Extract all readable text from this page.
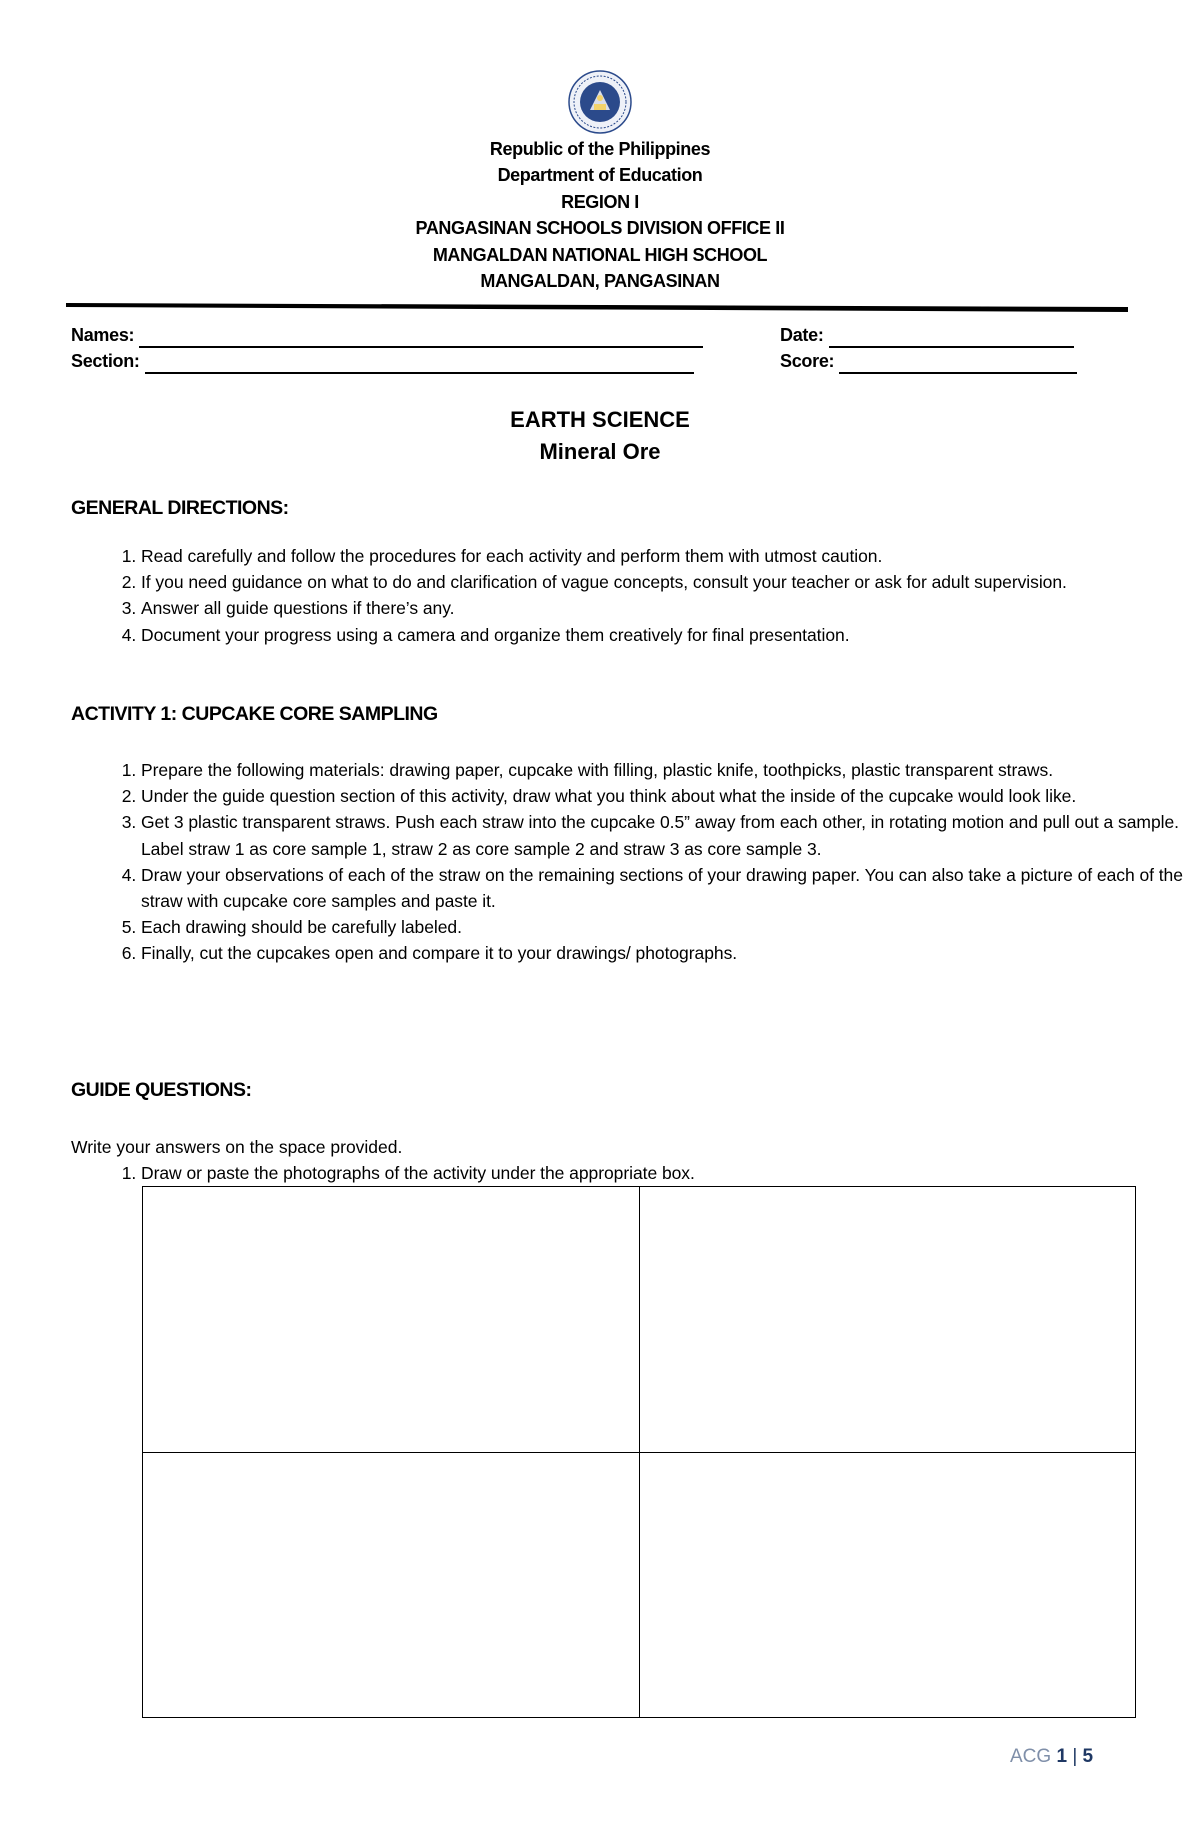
Republic of the Philippines
Department of Education
REGION I
PANGASINAN SCHOOLS DIVISION OFFICE II
MANGALDAN NATIONAL HIGH SCHOOL
MANGALDAN, PANGASINAN
Names:
Section:
Date:
Score:
EARTH SCIENCE
Mineral Ore
GENERAL DIRECTIONS:
1. Read carefully and follow the procedures for each activity and perform them with utmost caution.
2. If you need guidance on what to do and clarification of vague concepts, consult your teacher or ask for adult supervision.
3. Answer all guide questions if there’s any.
4. Document your progress using a camera and organize them creatively for final presentation.
ACTIVITY 1: CUPCAKE CORE SAMPLING
1. Prepare the following materials: drawing paper, cupcake with filling, plastic knife, toothpicks, plastic transparent straws.
2. Under the guide question section of this activity, draw what you think about what the inside of the cupcake would look like.
3. Get 3 plastic transparent straws. Push each straw into the cupcake 0.5” away from each other, in rotating motion and pull out a sample. Label straw 1 as core sample 1, straw 2 as core sample 2 and straw 3 as core sample 3.
4. Draw your observations of each of the straw on the remaining sections of your drawing paper. You can also take a picture of each of the straw with cupcake core samples and paste it.
5. Each drawing should be carefully labeled.
6. Finally, cut the cupcakes open and compare it to your drawings/ photographs.
GUIDE QUESTIONS:
Write your answers on the space provided.
1. Draw or paste the photographs of the activity under the appropriate box.

ACG 1 | 5
